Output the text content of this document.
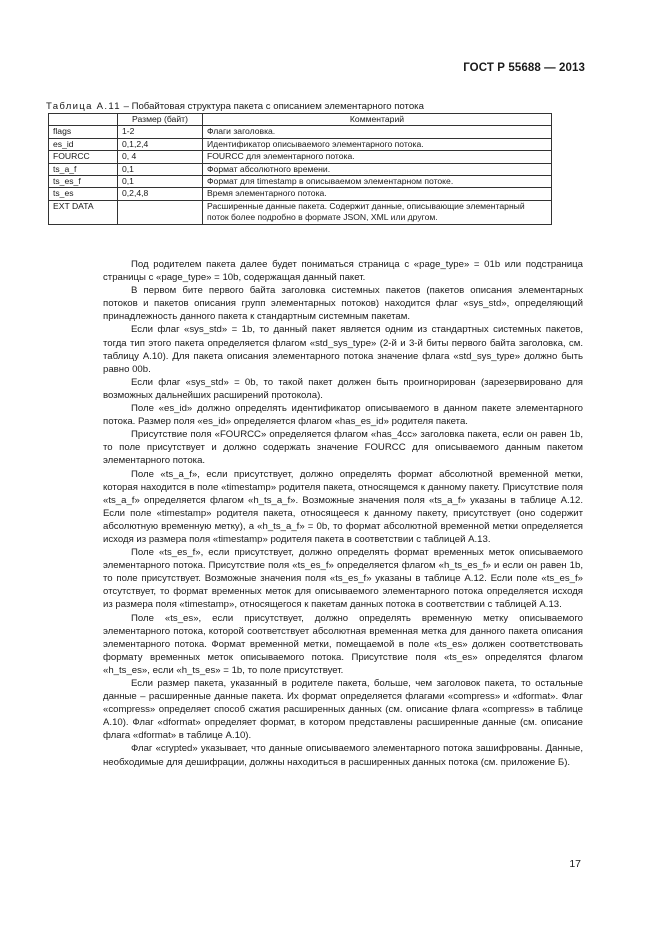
ГОСТ Р 55688 — 2013
Таблица А.11 – Побайтовая структура пакета с описанием элементарного потока
	Размер (байт)	Комментарий
flags	1-2	Флаги заголовка.
es_id	0,1,2,4	Идентификатор описываемого элементарного потока.
FOURCC	0, 4	FOURCC для элементарного потока.
ts_a_f	0,1	Формат абсолютного времени.
ts_es_f	0,1	Формат для timestamp в описываемом элементарном потоке.
ts_es	0,2,4,8	Время элементарного потока.
EXT DATA		Расширенные данные пакета. Содержит данные, описывающие элементарный поток более подробно в формате JSON, XML или другом.

Под родителем пакета далее будет пониматься страница с «page_type» = 01b или подстраница страницы с «page_type» = 10b, содержащая данный пакет.

В первом бите первого байта заголовка системных пакетов (пакетов описания элементарных потоков и пакетов описания групп элементарных потоков) находится флаг «sys_std», определяющий принадлежность данного пакета к стандартным системным пакетам.

Если флаг «sys_std» = 1b, то данный пакет является одним из стандартных системных пакетов, тогда тип этого пакета определяется флагом «std_sys_type» (2-й и 3-й биты первого байта заголовка, см. таблицу А.10). Для пакета описания элементарного потока значение флага «std_sys_type» должно быть равно 00b.

Если флаг «sys_std» = 0b, то такой пакет должен быть проигнорирован (зарезервировано для возможных дальнейших расширений протокола).

Поле «es_id» должно определять идентификатор описываемого в данном пакете элементарного потока. Размер поля «es_id» определяется флагом «has_es_id» родителя пакета.

Присутствие поля «FOURCC» определяется флагом «has_4cc» заголовка пакета, если он равен 1b, то поле присутствует и должно содержать значение FOURCC для описываемого данным пакетом элементарного потока.

Поле «ts_a_f», если присутствует, должно определять формат абсолютной временной метки, которая находится в поле «timestamp» родителя пакета, относящемся к данному пакету. Присутствие поля «ts_a_f» определяется флагом «h_ts_a_f». Возможные значения поля «ts_a_f» указаны в таблице А.12. Если поле «timestamp» родителя пакета, относящееся к данному пакету, присутствует (оно содержит абсолютную временную метку), а «h_ts_a_f» = 0b, то формат абсолютной временной метки определяется исходя из размера поля «timestamp» родителя пакета в соответствии с таблицей А.13.

Поле «ts_es_f», если присутствует, должно определять формат временных меток описываемого элементарного потока. Присутствие поля «ts_es_f» определяется флагом «h_ts_es_f» и если он равен 1b, то поле присутствует. Возможные значения поля «ts_es_f» указаны в таблице А.12. Если поле «ts_es_f» отсутствует, то формат временных меток для описываемого элементарного потока определяется исходя из размера поля «timestamp», относящегося к пакетам данных потока в соответствии с таблицей А.13.

Поле «ts_es», если присутствует, должно определять временную метку описываемого элементарного потока, которой соответствует абсолютная временная метка для данного пакета описания элементарного потока. Формат временной метки, помещаемой в поле «ts_es» должен соответствовать формату временных меток описываемого потока. Присутствие поля «ts_es» определятся флагом «h_ts_es», если «h_ts_es» = 1b, то поле присутствует.

Если размер пакета, указанный в родителе пакета, больше, чем заголовок пакета, то остальные данные – расширенные данные пакета. Их формат определяется флагами «compress» и «dformat». Флаг «compress» определяет способ сжатия расширенных данных (см. описание флага «compress» в таблице А.10). Флаг «dformat» определяет формат, в котором представлены расширенные данные (см. описание флага «dformat» в таблице А.10).

Флаг «crypted» указывает, что данные описываемого элементарного потока зашифрованы. Данные, необходимые для дешифрации, должны находиться в расширенных данных потока (см. приложение Б).

17
